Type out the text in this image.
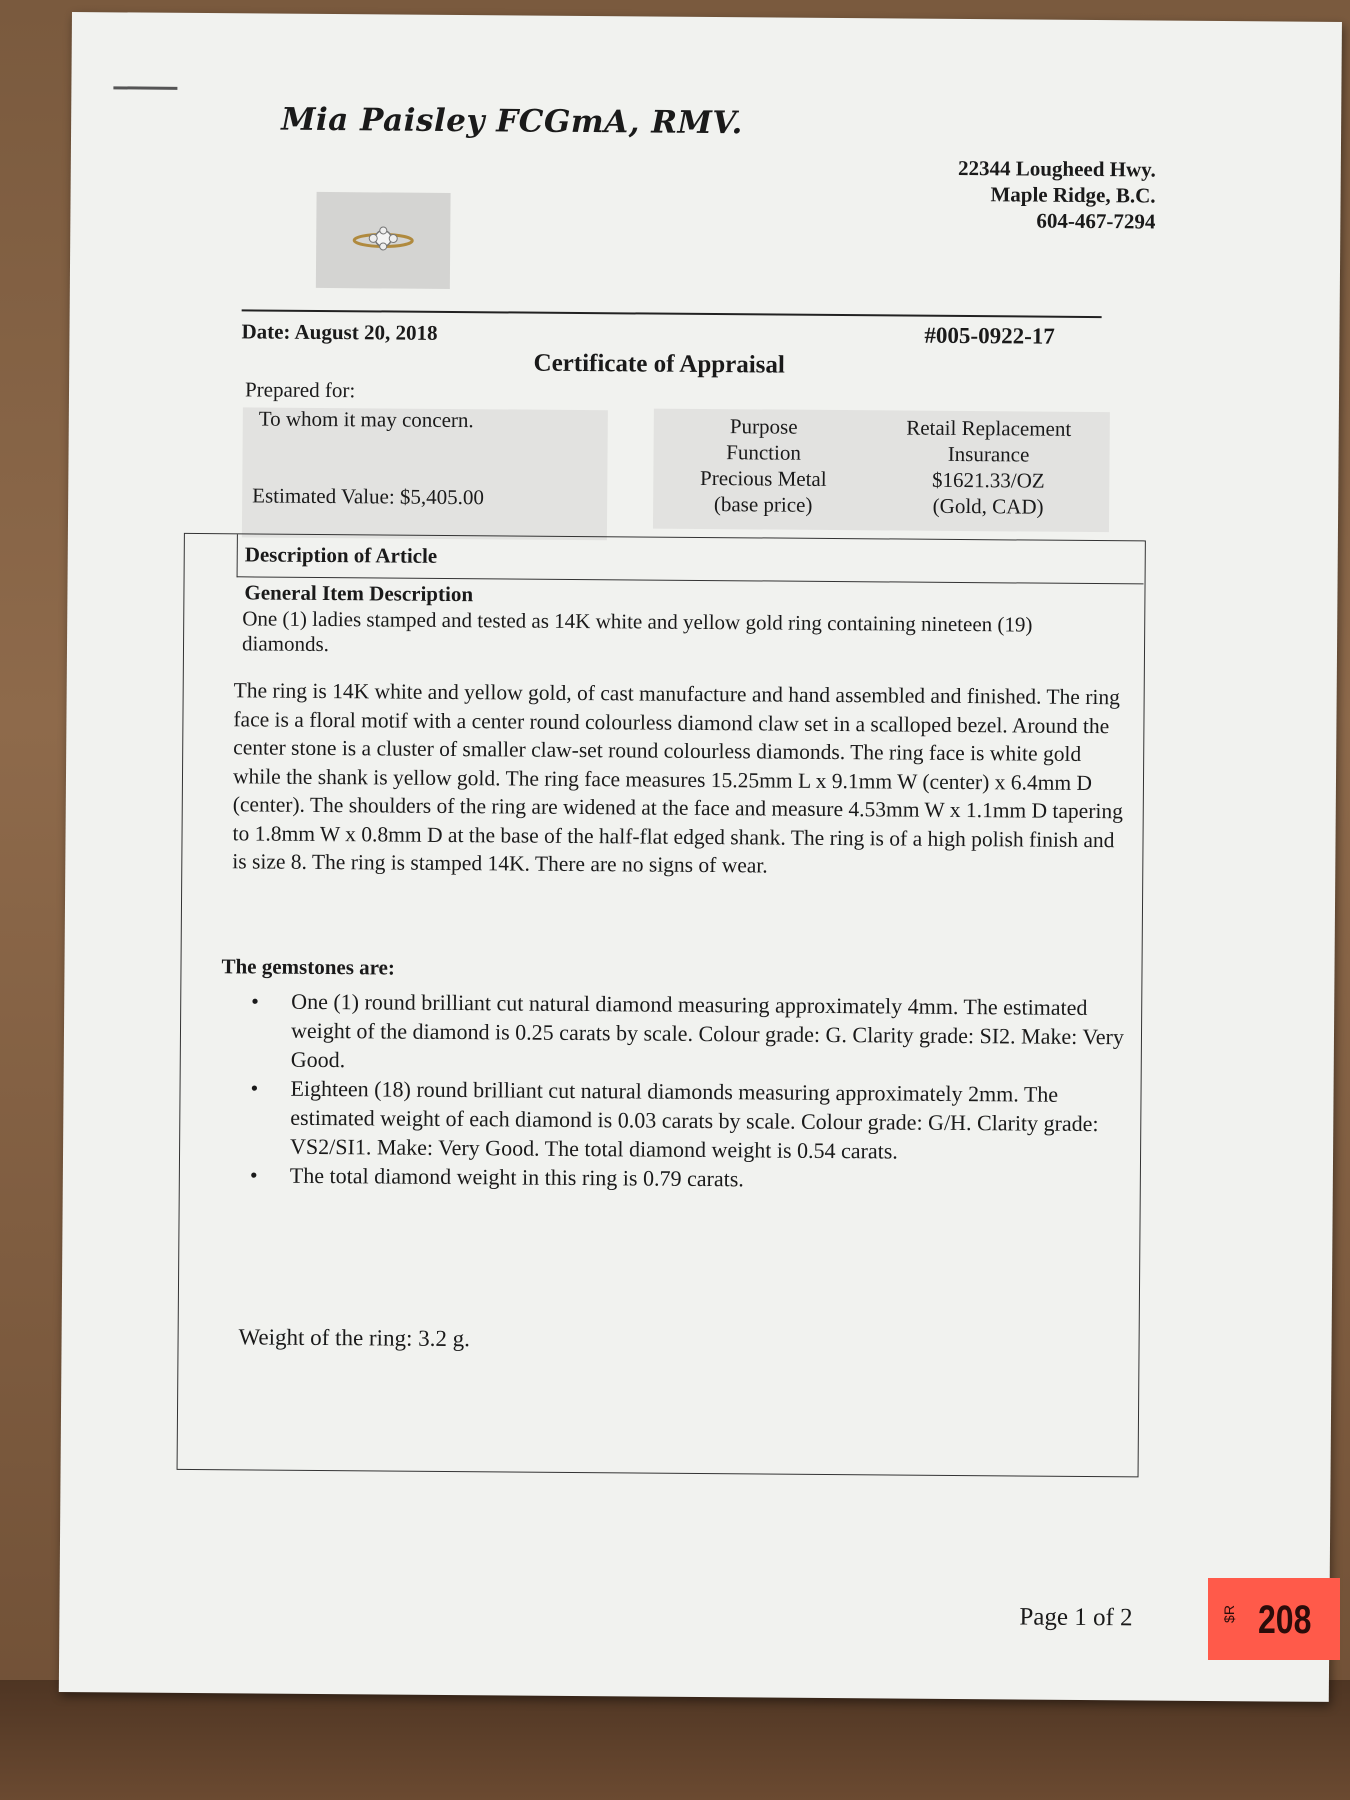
Mia Paisley FCGmA, RMV.
22344 Lougheed Hwy.
Maple Ridge, B.C.
604-467-7294
Date: August 20, 2018	#005-0922-17
Certificate of Appraisal
Prepared for:
To whom it may concern.
Estimated Value: $5,405.00
Purpose
Function
Precious Metal
(base price)
Retail Replacement
Insurance
$1621.33/OZ
(Gold, CAD)
Description of Article
General Item Description
One (1) ladies stamped and tested as 14K white and yellow gold ring containing nineteen (19) diamonds.
The ring is 14K white and yellow gold, of cast manufacture and hand assembled and finished. The ring face is a floral motif with a center round colourless diamond claw set in a scalloped bezel. Around the center stone is a cluster of smaller claw-set round colourless diamonds. The ring face is white gold while the shank is yellow gold. The ring face measures 15.25mm L x 9.1mm W (center) x 6.4mm D (center). The shoulders of the ring are widened at the face and measure 4.53mm W x 1.1mm D tapering to 1.8mm W x 0.8mm D at the base of the half-flat edged shank. The ring is of a high polish finish and is size 8. The ring is stamped 14K. There are no signs of wear.
The gemstones are:
• One (1) round brilliant cut natural diamond measuring approximately 4mm. The estimated weight of the diamond is 0.25 carats by scale. Colour grade: G. Clarity grade: SI2. Make: Very Good.
• Eighteen (18) round brilliant cut natural diamonds measuring approximately 2mm. The estimated weight of each diamond is 0.03 carats by scale. Colour grade: G/H. Clarity grade: VS2/SI1. Make: Very Good. The total diamond weight is 0.54 carats.
• The total diamond weight in this ring is 0.79 carats.
Weight of the ring: 3.2 g.
Page 1 of 2	$R 208
